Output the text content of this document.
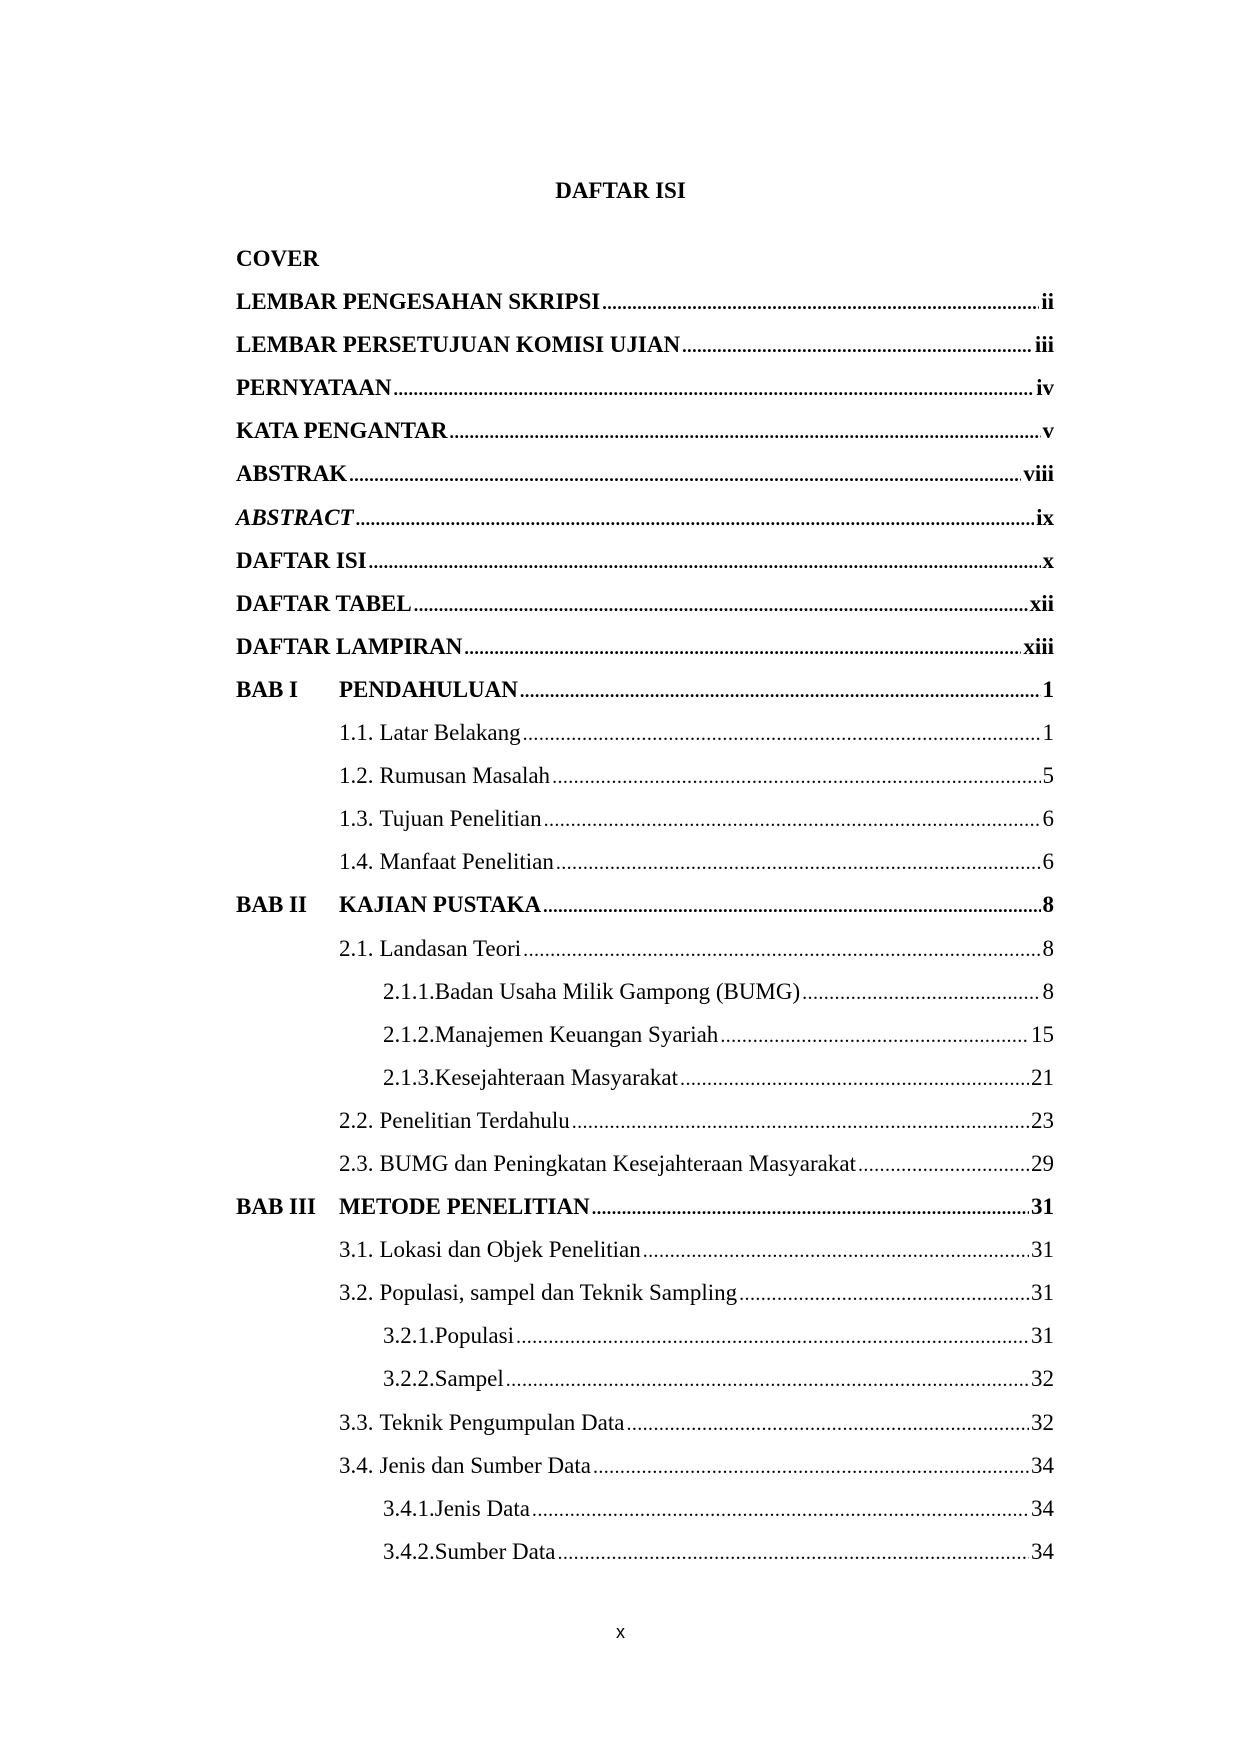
DAFTAR ISI
COVER
LEMBAR PENGESAHAN SKRIPSI .....	ii
LEMBAR PERSETUJUAN KOMISI UJIAN .....	iii
PERNYATAAN .....	iv
KATA PENGANTAR .....	v
ABSTRAK .....	viii
ABSTRACT .....	ix
DAFTAR ISI .....	x
DAFTAR TABEL .....	xii
DAFTAR LAMPIRAN .....	xiii
BAB I	PENDAHULUAN .....	1
1.1. Latar Belakang .....	1
1.2. Rumusan Masalah .....	5
1.3. Tujuan Penelitian .....	6
1.4. Manfaat Penelitian .....	6
BAB II	KAJIAN PUSTAKA .....	8
2.1. Landasan Teori .....	8
2.1.1. Badan Usaha Milik Gampong (BUMG) .....	8
2.1.2. Manajemen Keuangan Syariah .....	15
2.1.3. Kesejahteraan Masyarakat .....	21
2.2. Penelitian Terdahulu .....	23
2.3. BUMG dan Peningkatan Kesejahteraan Masyarakat .....	29
BAB III	METODE PENELITIAN .....	31
3.1. Lokasi dan Objek Penelitian .....	31
3.2. Populasi, sampel dan Teknik Sampling .....	31
3.2.1. Populasi .....	31
3.2.2. Sampel .....	32
3.3. Teknik Pengumpulan Data .....	32
3.4. Jenis dan Sumber Data .....	34
3.4.1. Jenis Data .....	34
3.4.2. Sumber Data .....	34
x
